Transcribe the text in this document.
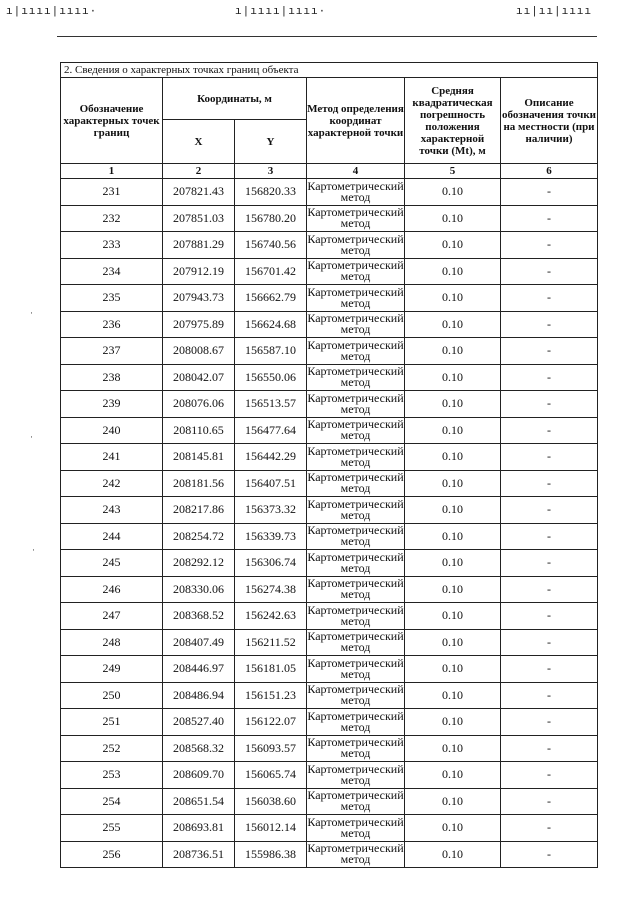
ı|ıııı|ıııı·	ı|ıııı|ıııı·	ıı|ıı|ıııı
·
·
·
2. Сведения о характерных точках границ объекта					
Обозначение характерных точек границ	Координаты, м		Метод определения координат характерной точки	Средняя квадратическая погрешность положения характерной точки (Mt), м	Описание обозначения точки на местности (при наличии)
	X	Y			
1	2	3	4	5	6
231	207821.43	156820.33	Картометрический метод	0.10	-
232	207851.03	156780.20	Картометрический метод	0.10	-
233	207881.29	156740.56	Картометрический метод	0.10	-
234	207912.19	156701.42	Картометрический метод	0.10	-
235	207943.73	156662.79	Картометрический метод	0.10	-
236	207975.89	156624.68	Картометрический метод	0.10	-
237	208008.67	156587.10	Картометрический метод	0.10	-
238	208042.07	156550.06	Картометрический метод	0.10	-
239	208076.06	156513.57	Картометрический метод	0.10	-
240	208110.65	156477.64	Картометрический метод	0.10	-
241	208145.81	156442.29	Картометрический метод	0.10	-
242	208181.56	156407.51	Картометрический метод	0.10	-
243	208217.86	156373.32	Картометрический метод	0.10	-
244	208254.72	156339.73	Картометрический метод	0.10	-
245	208292.12	156306.74	Картометрический метод	0.10	-
246	208330.06	156274.38	Картометрический метод	0.10	-
247	208368.52	156242.63	Картометрический метод	0.10	-
248	208407.49	156211.52	Картометрический метод	0.10	-
249	208446.97	156181.05	Картометрический метод	0.10	-
250	208486.94	156151.23	Картометрический метод	0.10	-
251	208527.40	156122.07	Картометрический метод	0.10	-
252	208568.32	156093.57	Картометрический метод	0.10	-
253	208609.70	156065.74	Картометрический метод	0.10	-
254	208651.54	156038.60	Картометрический метод	0.10	-
255	208693.81	156012.14	Картометрический метод	0.10	-
256	208736.51	155986.38	Картометрический метод	0.10	-
